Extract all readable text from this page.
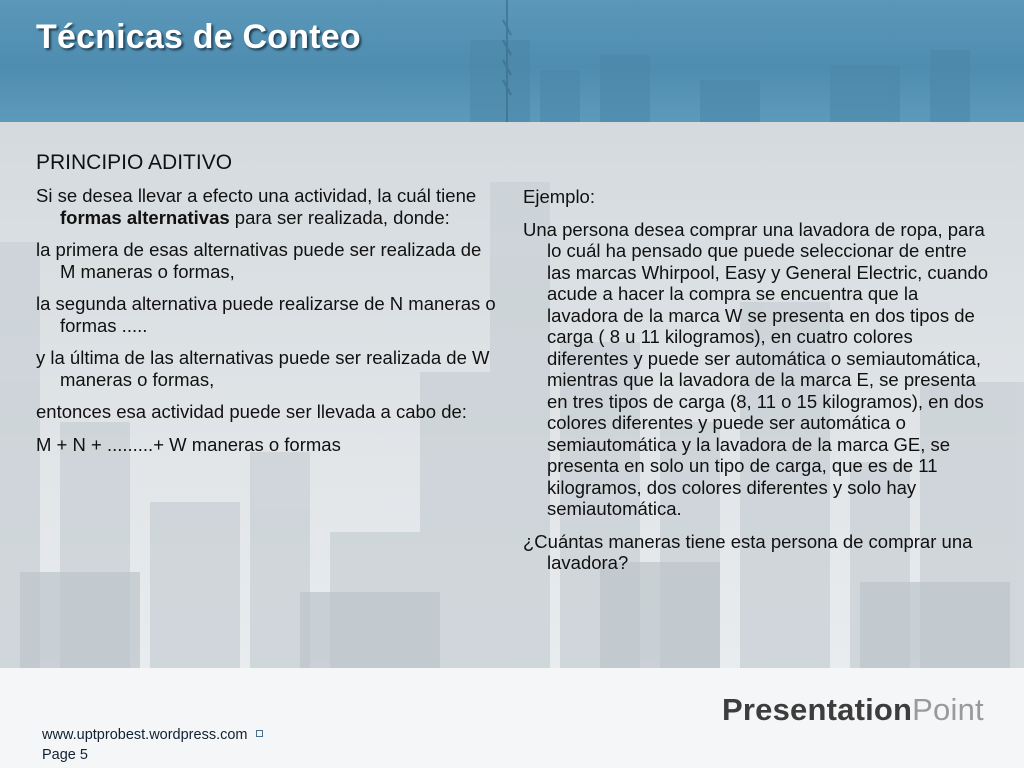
Técnicas de Conteo
PRINCIPIO ADITIVO

Si se desea llevar a efecto una actividad, la cuál tiene formas alternativas para ser realizada, donde:

la primera de esas alternativas puede ser realizada de M maneras o formas,

la segunda alternativa puede realizarse de N maneras o formas .....

y la última de las alternativas puede ser realizada de W maneras o formas,

entonces esa actividad puede ser llevada a cabo de:

M + N + .........+ W maneras o formas

Ejemplo:

Una persona desea comprar una lavadora de ropa, para lo cuál ha pensado que puede seleccionar de entre las marcas Whirpool, Easy y General Electric, cuando acude a hacer la compra se encuentra que la lavadora de la marca W se presenta en dos tipos de carga ( 8 u 11 kilogramos), en cuatro colores diferentes y puede ser automática o semiautomática, mientras que la lavadora de la marca E, se presenta en tres tipos de carga (8, 11 o 15 kilogramos), en dos colores diferentes y puede ser automática o semiautomática y la lavadora de la marca GE, se presenta en solo un tipo de carga, que es de 11 kilogramos, dos colores diferentes y solo hay semiautomática.

¿Cuántas maneras tiene esta persona de comprar una lavadora?

www.uptprobest.wordpress.com
Page 5
PresentationPoint
